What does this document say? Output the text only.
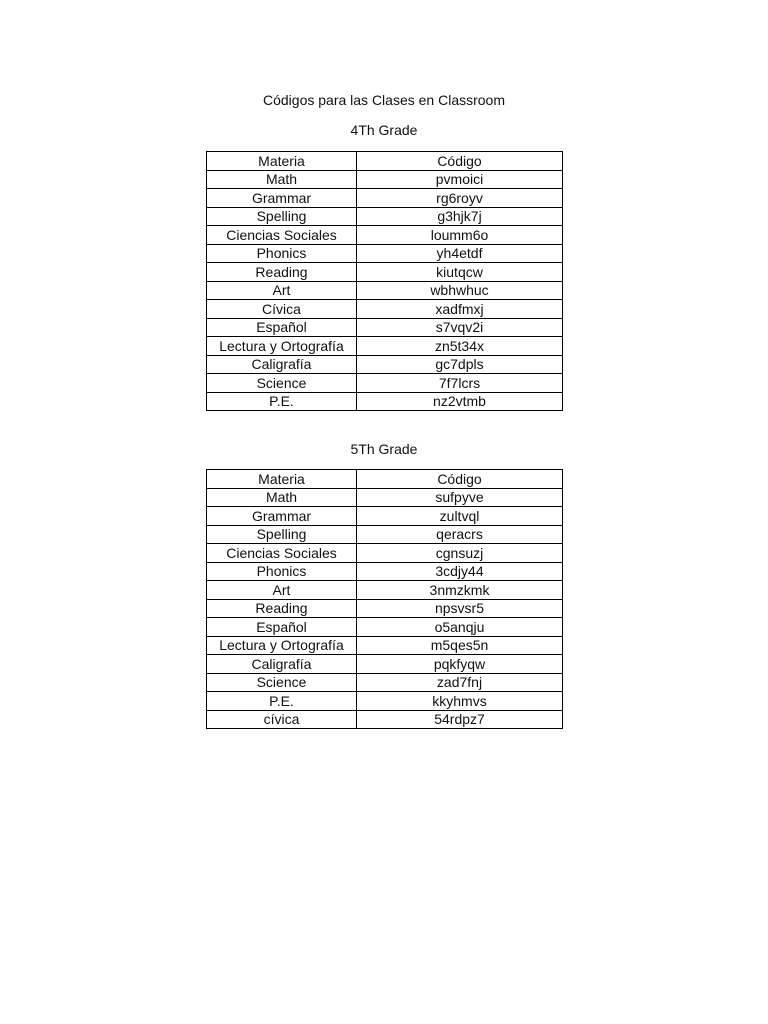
Códigos para las Clases en Classroom
4Th Grade
Materia	Código
Math	pvmoici
Grammar	rg6royv
Spelling	g3hjk7j
Ciencias Sociales	loumm6o
Phonics	yh4etdf
Reading	kiutqcw
Art	wbhwhuc
Cívica	xadfmxj
Español	s7vqv2i
Lectura y Ortografía	zn5t34x
Caligrafía	gc7dpls
Science	7f7lcrs
P.E.	nz2vtmb
5Th Grade
Materia	Código
Math	sufpyve
Grammar	zultvql
Spelling	qeracrs
Ciencias Sociales	cgnsuzj
Phonics	3cdjy44
Art	3nmzkmk
Reading	npsvsr5
Español	o5anqju
Lectura y Ortografía	m5qes5n
Caligrafía	pqkfyqw
Science	zad7fnj
P.E.	kkyhmvs
cívica	54rdpz7
